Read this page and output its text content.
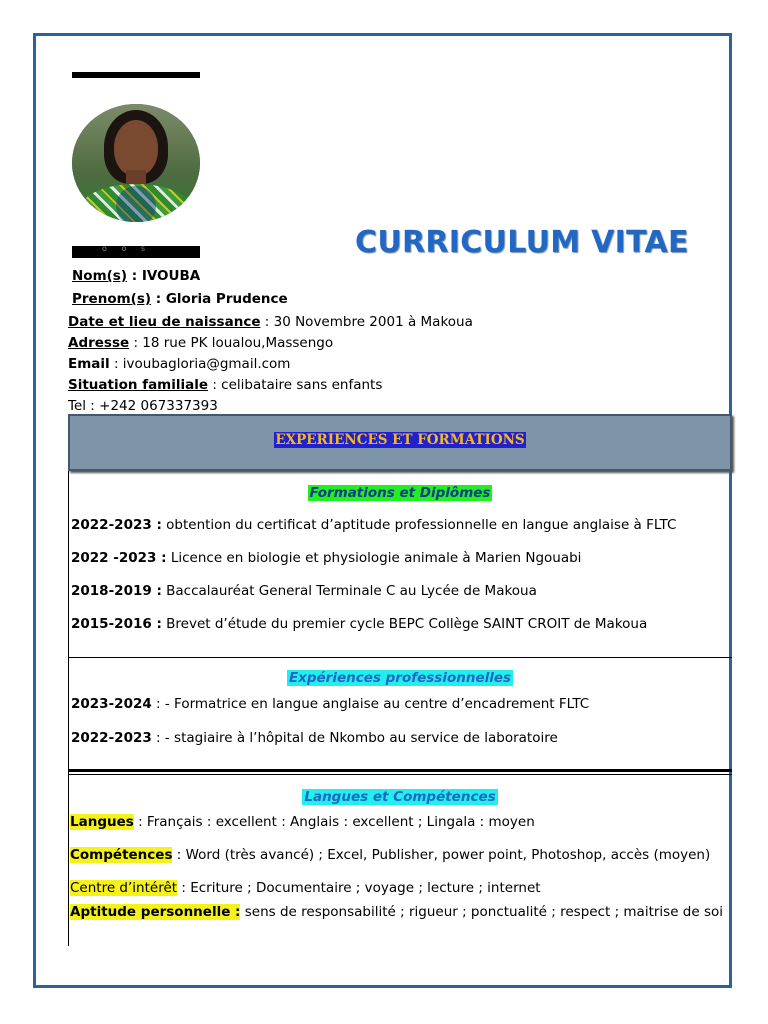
o o s	CURRICULUM VITAE
Nom(s) : IVOUBA
Prenom(s) : Gloria Prudence
Date et lieu de naissance : 30 Novembre 2001 à Makoua
Adresse : 18 rue PK loualou,Massengo
Email : ivoubagloria@gmail.com
Situation familiale : celibataire sans enfants
Tel : +242 067337393
EXPERIENCES ET FORMATIONS
Formations et Diplômes
2022-2023 : obtention du certificat d’aptitude professionnelle en langue anglaise à FLTC
2022 -2023 : Licence en biologie et physiologie animale à Marien Ngouabi
2018-2019 : Baccalauréat General Terminale C au Lycée de Makoua
2015-2016 : Brevet d’étude du premier cycle BEPC Collège SAINT CROIT de Makoua
Expériences professionnelles
2023-2024 : - Formatrice en langue anglaise au centre d’encadrement FLTC
2022-2023 : - stagiaire à l’hôpital de Nkombo au service de laboratoire
Langues et Compétences
Langues : Français : excellent : Anglais : excellent ; Lingala : moyen
Compétences : Word (très avancé) ; Excel, Publisher, power point, Photoshop, accès (moyen)
Centre d’intérêt : Ecriture ; Documentaire ; voyage ; lecture ; internet
Aptitude personnelle : sens de responsabilité ; rigueur ; ponctualité ; respect ; maitrise de soi
